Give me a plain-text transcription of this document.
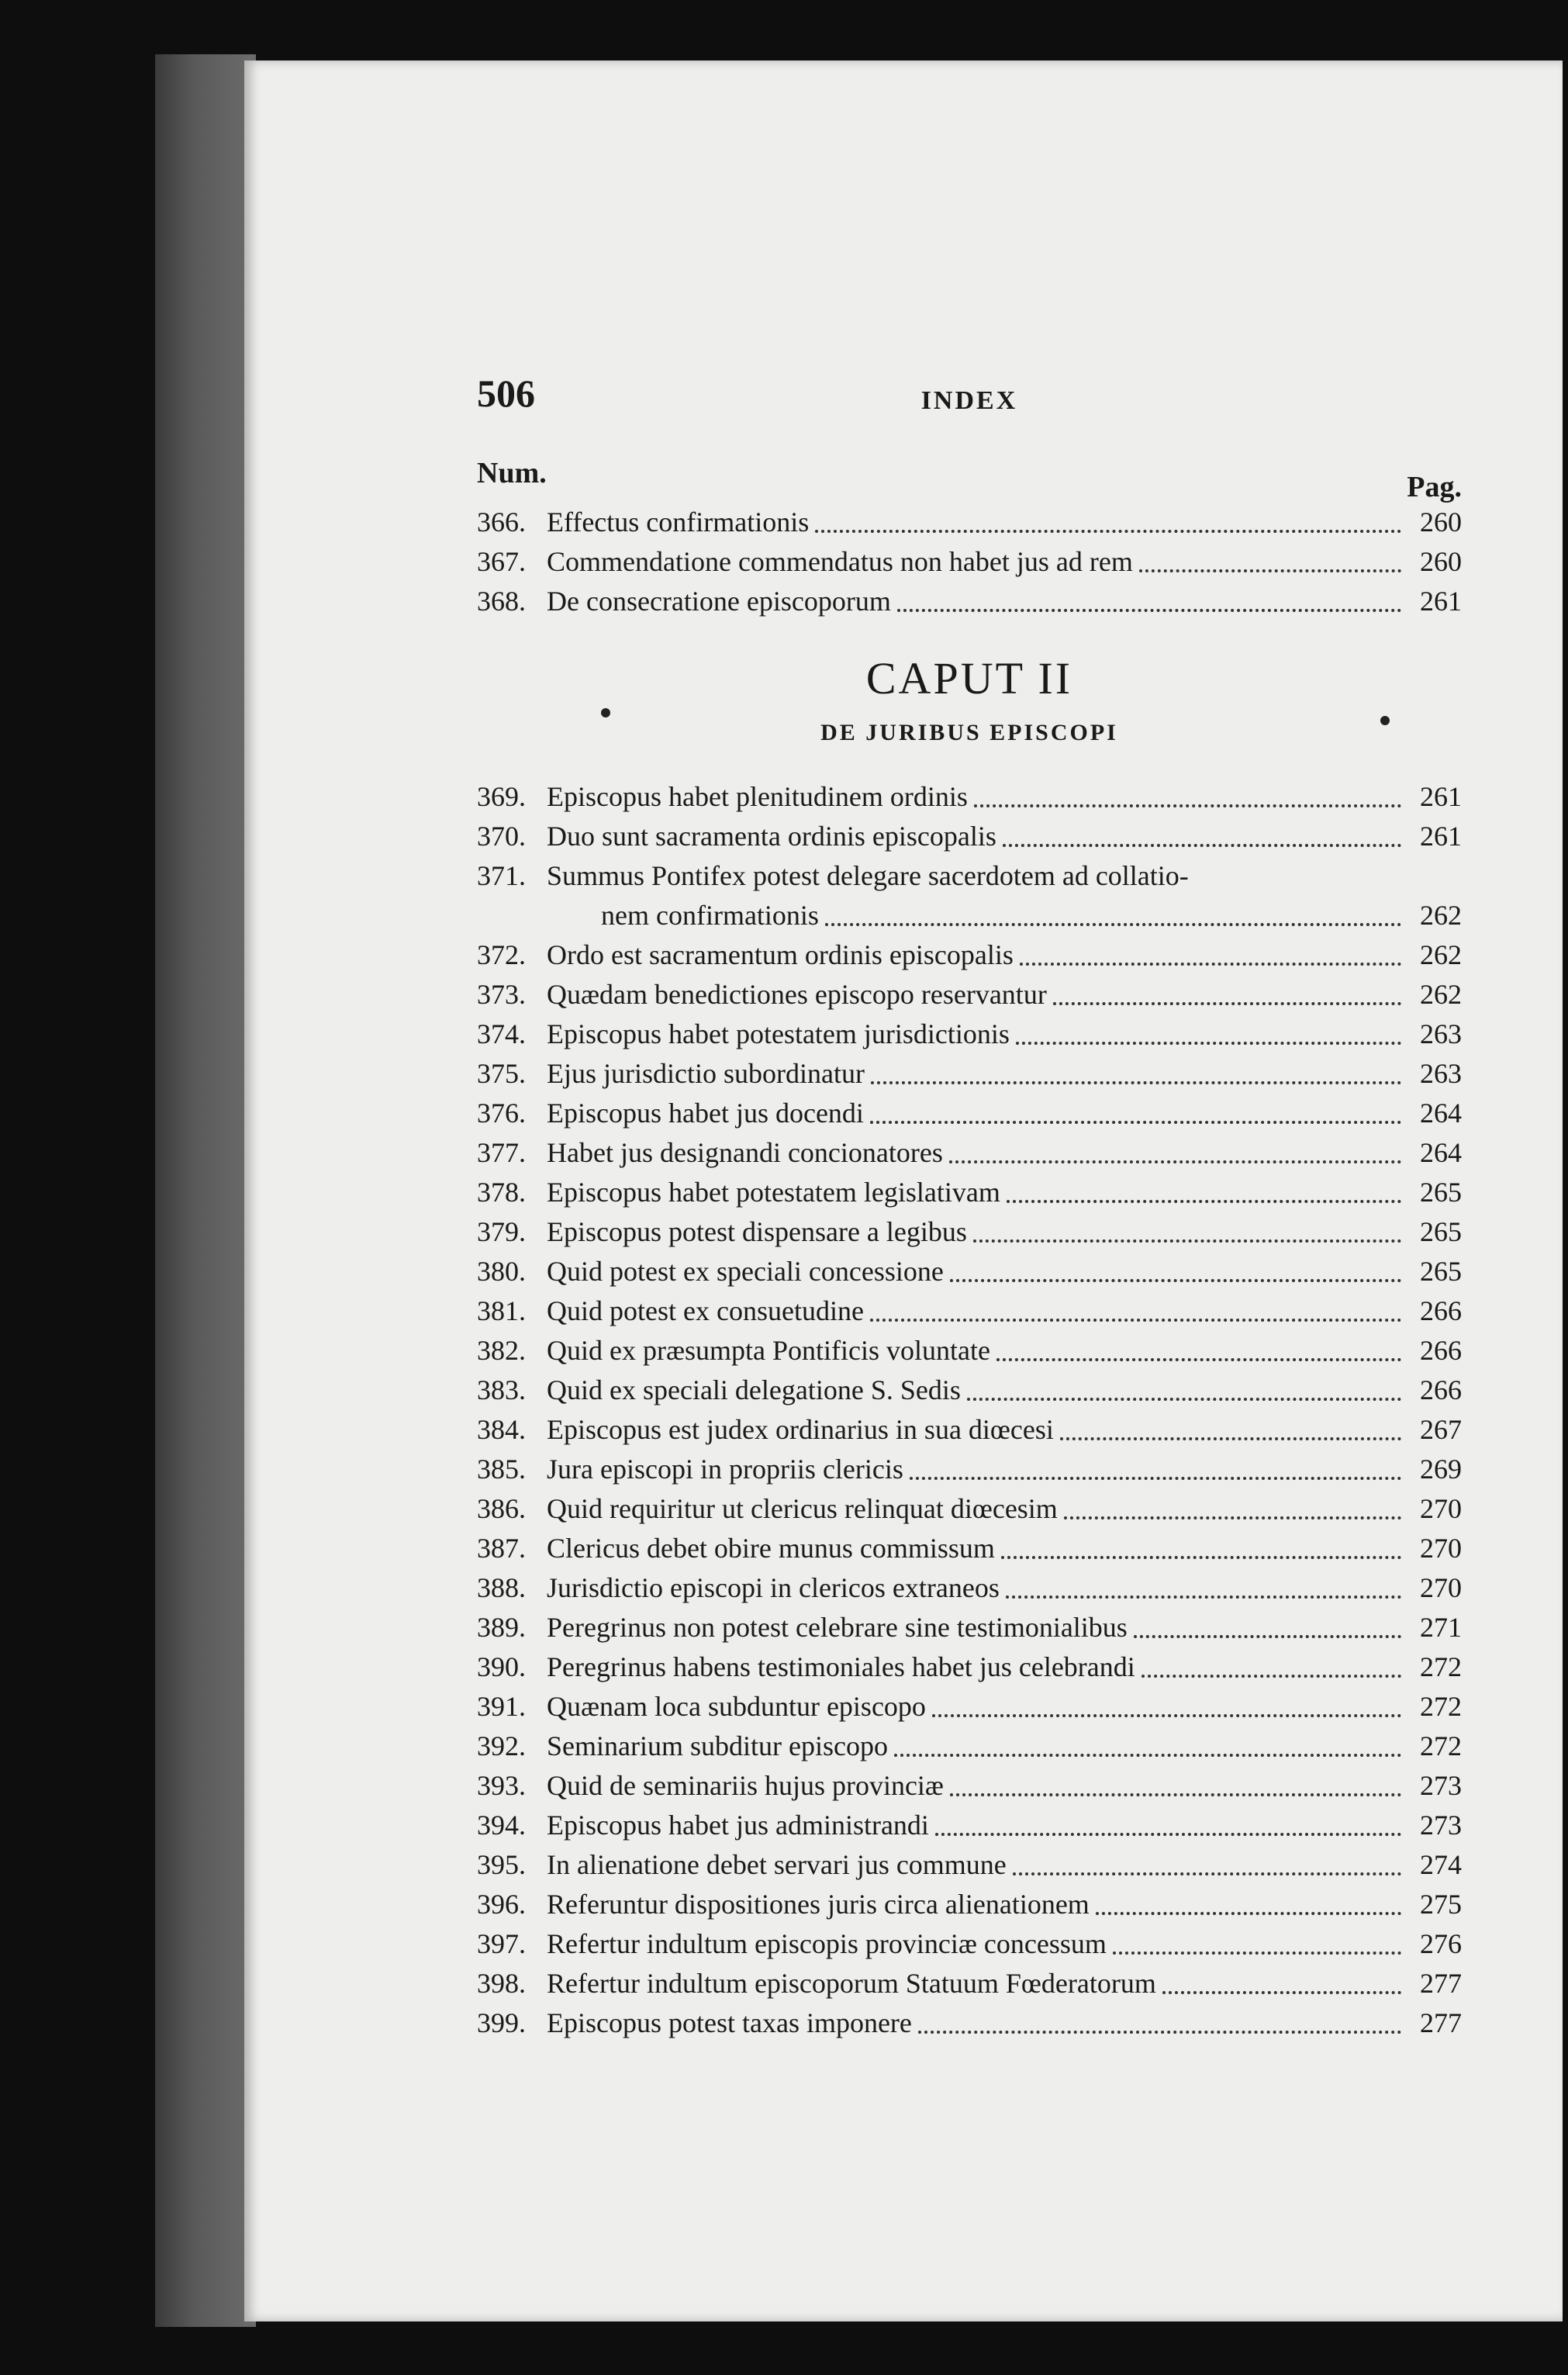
506	INDEX
Num.	Pag.
366. Effectus confirmationis	260
367. Commendatione commendatus non habet jus ad rem	260
368. De consecratione episcoporum	261
CAPUT II
DE JURIBUS EPISCOPI
369. Episcopus habet plenitudinem ordinis	261
370. Duo sunt sacramenta ordinis episcopalis	261
371. Summus Pontifex potest delegare sacerdotem ad collatio-
nem confirmationis	262
372. Ordo est sacramentum ordinis episcopalis	262
373. Quædam benedictiones episcopo reservantur	262
374. Episcopus habet potestatem jurisdictionis	263
375. Ejus jurisdictio subordinatur	263
376. Episcopus habet jus docendi	264
377. Habet jus designandi concionatores	264
378. Episcopus habet potestatem legislativam	265
379. Episcopus potest dispensare a legibus	265
380. Quid potest ex speciali concessione	265
381. Quid potest ex consuetudine	266
382. Quid ex præsumpta Pontificis voluntate	266
383. Quid ex speciali delegatione S. Sedis	266
384. Episcopus est judex ordinarius in sua diœcesi	267
385. Jura episcopi in propriis clericis	269
386. Quid requiritur ut clericus relinquat diœcesim	270
387. Clericus debet obire munus commissum	270
388. Jurisdictio episcopi in clericos extraneos	270
389. Peregrinus non potest celebrare sine testimonialibus	271
390. Peregrinus habens testimoniales habet jus celebrandi	272
391. Quænam loca subduntur episcopo	272
392. Seminarium subditur episcopo	272
393. Quid de seminariis hujus provinciæ	273
394. Episcopus habet jus administrandi	273
395. In alienatione debet servari jus commune	274
396. Referuntur dispositiones juris circa alienationem	275
397. Refertur indultum episcopis provinciæ concessum	276
398. Refertur indultum episcoporum Statuum Fœderatorum	277
399. Episcopus potest taxas imponere	277
